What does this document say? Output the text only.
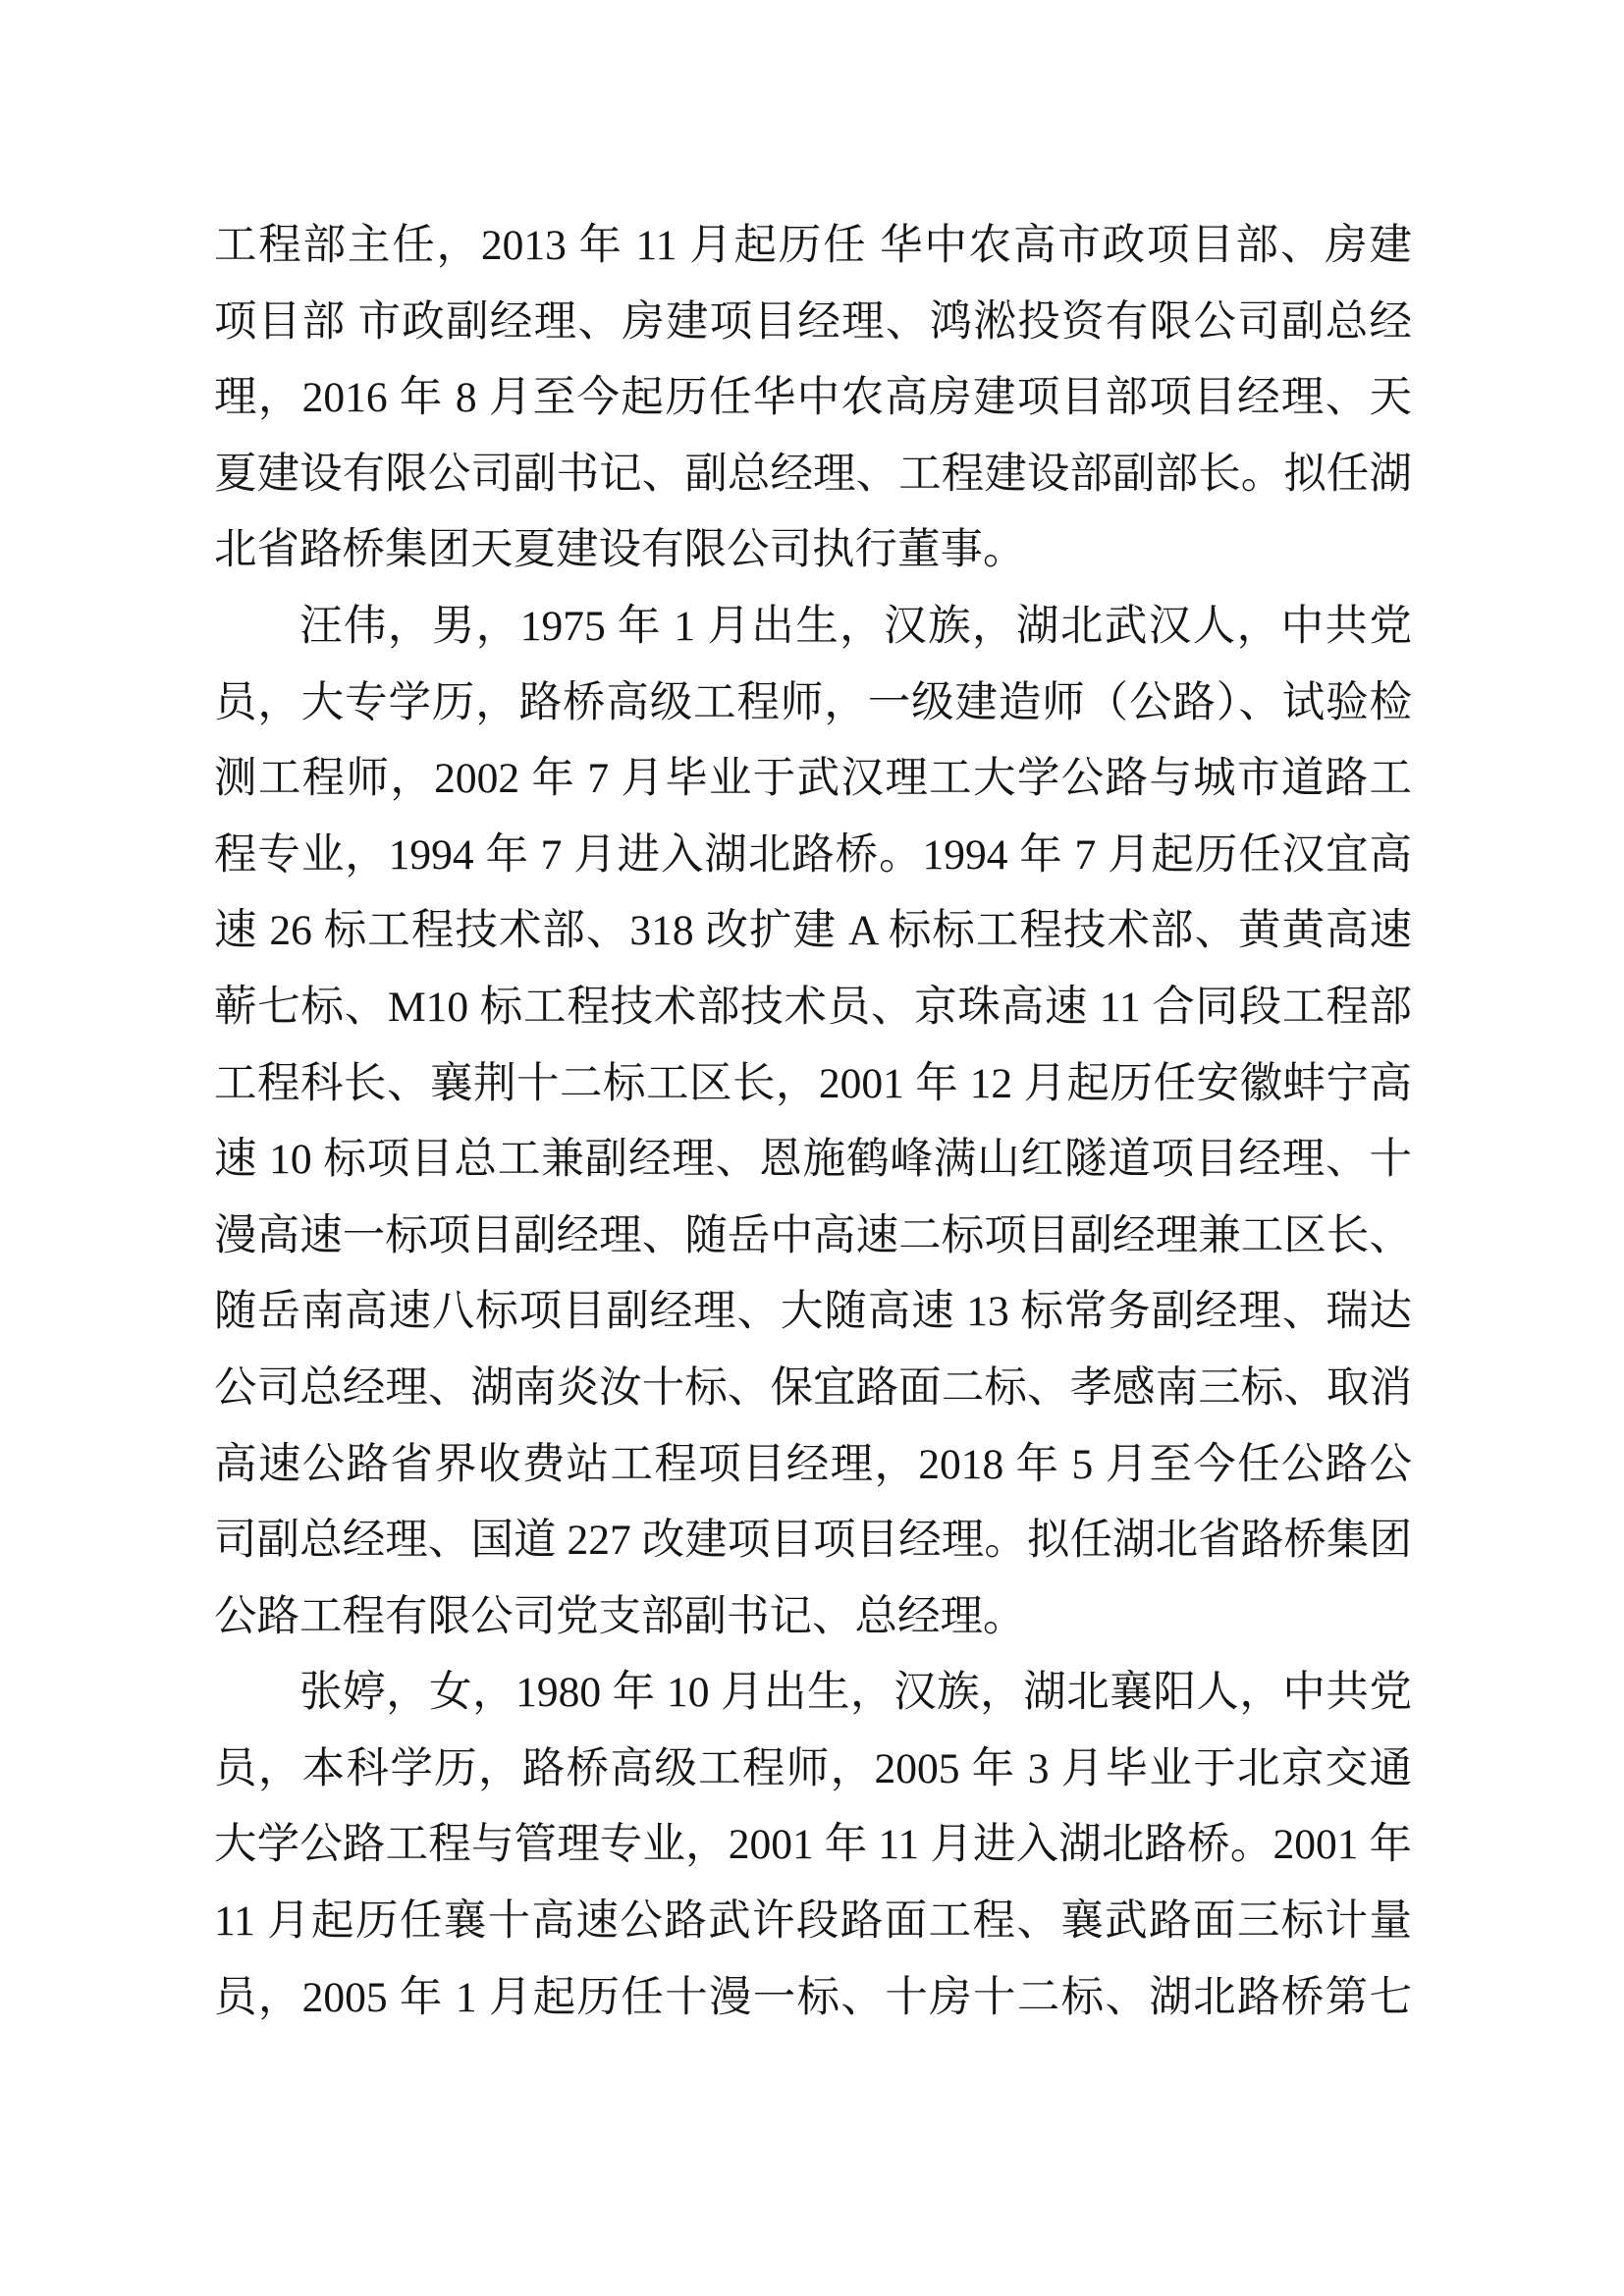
工程部主任，2013 年 11 月起历任 华中农高市政项目部、房建
项目部 市政副经理、房建项目经理、鸿淞投资有限公司副总经
理，2016 年 8 月至今起历任华中农高房建项目部项目经理、天
夏建设有限公司副书记、副总经理、工程建设部副部长。拟任湖
北省路桥集团天夏建设有限公司执行董事。
汪伟，男，1975 年 1 月出生，汉族，湖北武汉人，中共党
员，大专学历，路桥高级工程师，一级建造师（公路）、试验检
测工程师，2002 年 7 月毕业于武汉理工大学公路与城市道路工
程专业，1994 年 7 月进入湖北路桥。1994 年 7 月起历任汉宜高
速 26 标工程技术部、318 改扩建 A 标标工程技术部、黄黄高速
蕲七标、M10 标工程技术部技术员、京珠高速 11 合同段工程部
工程科长、襄荆十二标工区长，2001 年 12 月起历任安徽蚌宁高
速 10 标项目总工兼副经理、恩施鹤峰满山红隧道项目经理、十
漫高速一标项目副经理、随岳中高速二标项目副经理兼工区长、
随岳南高速八标项目副经理、大随高速 13 标常务副经理、瑞达
公司总经理、湖南炎汝十标、保宜路面二标、孝感南三标、取消
高速公路省界收费站工程项目经理，2018 年 5 月至今任公路公
司副总经理、国道 227 改建项目项目经理。拟任湖北省路桥集团
公路工程有限公司党支部副书记、总经理。
张婷，女，1980 年 10 月出生，汉族，湖北襄阳人，中共党
员，本科学历，路桥高级工程师，2005 年 3 月毕业于北京交通
大学公路工程与管理专业，2001 年 11 月进入湖北路桥。2001 年
11 月起历任襄十高速公路武许段路面工程、襄武路面三标计量
员，2005 年 1 月起历任十漫一标、十房十二标、湖北路桥第七
